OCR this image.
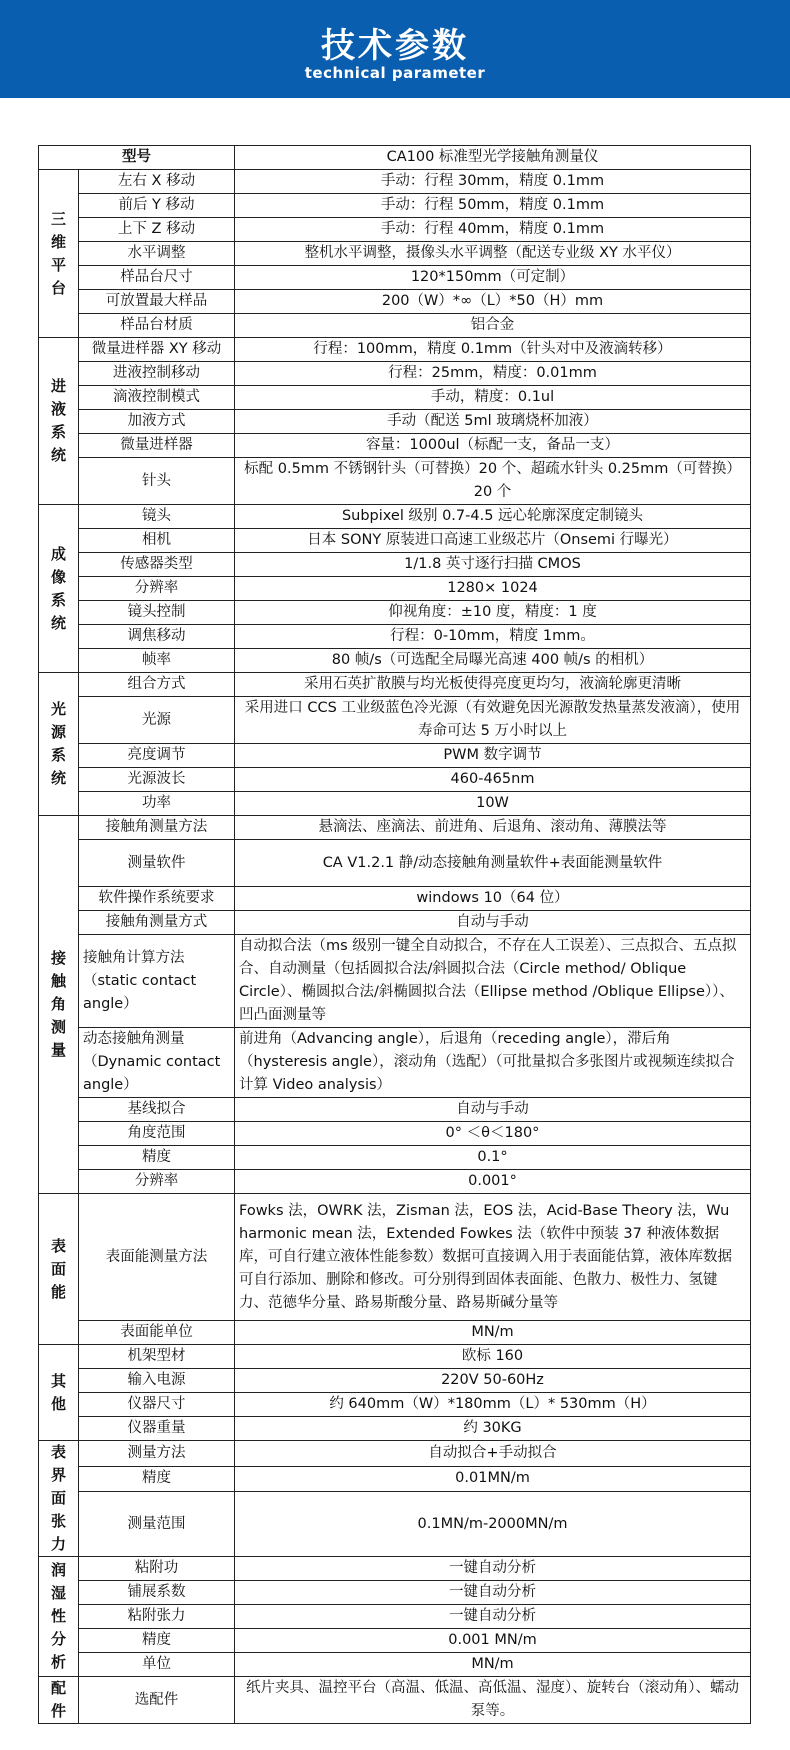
技术参数
technical parameter
型号		CA100 标准型光学接触角测量仪
三维平台	左右 X 移动	手动：行程 30mm，精度 0.1mm
	前后 Y 移动	手动：行程 50mm，精度 0.1mm
	上下 Z 移动	手动：行程 40mm，精度 0.1mm
	水平调整	整机水平调整，摄像头水平调整（配送专业级 XY 水平仪）
	样品台尺寸	120*150mm（可定制）
	可放置最大样品	200（W）*∞（L）*50（H）mm
	样品台材质	铝合金
进液系统	微量进样器 XY 移动	行程：100mm，精度 0.1mm（针头对中及液滴转移）
	进液控制移动	行程：25mm，精度：0.01mm
	滴液控制模式	手动，精度：0.1ul
	加液方式	手动（配送 5ml 玻璃烧杯加液）
	微量进样器	容量：1000ul（标配一支，备品一支）
	针头	标配 0.5mm 不锈钢针头（可替换）20 个、超疏水针头 0.25mm（可替换）20 个
成像系统	镜头	Subpixel 级别 0.7-4.5 远心轮廓深度定制镜头
	相机	日本 SONY 原装进口高速工业级芯片（Onsemi 行曝光）
	传感器类型	1/1.8 英寸逐行扫描 CMOS
	分辨率	1280× 1024
	镜头控制	仰视角度：±10 度，精度：1 度
	调焦移动	行程：0-10mm，精度 1mm。
	帧率	80 帧/s（可选配全局曝光高速 400 帧/s 的相机）
光源系统	组合方式	采用石英扩散膜与均光板使得亮度更均匀，液滴轮廓更清晰
	光源	采用进口 CCS 工业级蓝色冷光源（有效避免因光源散发热量蒸发液滴），使用寿命可达 5 万小时以上
	亮度调节	PWM 数字调节
	光源波长	460-465nm
	功率	10W
接触角测量	接触角测量方法	悬滴法、座滴法、前进角、后退角、滚动角、薄膜法等
	测量软件	CA V1.2.1 静/动态接触角测量软件+表面能测量软件
	软件操作系统要求	windows 10（64 位）
	接触角测量方式	自动与手动
	接触角计算方法（static contact angle）	自动拟合法（ms 级别一键全自动拟合，不存在人工误差）、三点拟合、五点拟合、自动测量（包括圆拟合法/斜圆拟合法（Circle method/ Oblique Circle）、椭圆拟合法/斜椭圆拟合法（Ellipse method /Oblique Ellipse））、凹凸面测量等
	动态接触角测量（Dynamic contact angle）	前进角（Advancing angle），后退角（receding angle），滞后角（hysteresis angle），滚动角（选配）（可批量拟合多张图片或视频连续拟合计算 Video analysis）
	基线拟合	自动与手动
	角度范围	0° ＜θ＜180°
	精度	0.1°
	分辨率	0.001°
表面能	表面能测量方法	Fowks 法，OWRK 法，Zisman 法，EOS 法，Acid-Base Theory 法，Wu harmonic mean 法，Extended Fowkes 法（软件中预装 37 种液体数据库，可自行建立液体性能参数）数据可直接调入用于表面能估算，液体库数据可自行添加、删除和修改。可分别得到固体表面能、色散力、极性力、氢键力、范德华分量、路易斯酸分量、路易斯碱分量等
	表面能单位	MN/m
其他	机架型材	欧标 160
	输入电源	220V 50-60Hz
	仪器尺寸	约 640mm（W）*180mm（L）* 530mm（H）
	仪器重量	约 30KG
表界面张力	测量方法	自动拟合+手动拟合
	精度	0.01MN/m
	测量范围	0.1MN/m-2000MN/m
润湿性分析	粘附功	一键自动分析
	铺展系数	一键自动分析
	粘附张力	一键自动分析
	精度	0.001 MN/m
	单位	MN/m
配件	选配件	纸片夹具、温控平台（高温、低温、高低温、湿度）、旋转台（滚动角）、蠕动泵等。
